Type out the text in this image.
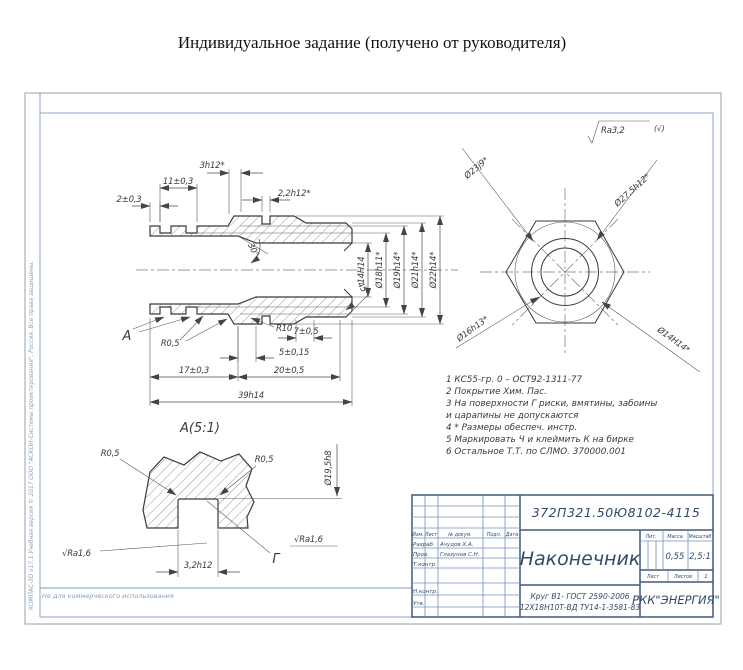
Индивидуальное задание (получено от руководителя)
КОМПАС-3D v17.1 Учебная версия © 2017 ООО "АСКОН-Системы проектирования", Россия. Все права защищены. Не для коммерческого использования
2±0,3
11±0,3
3h12*
2,2h12*
30°
45°
14H14 Ø18h11* Ø19h14* Ø21h14* Ø22h14*
А	R0,5
R10 7±0,5
5±0,15
17±0,3	20±0,5
39h14
Ø23j9*
Ø27,5h12*
Ø16h13*	Ø14H14*
Ra3,2	(√)
1 КС55-гр. 0 – ОСТ92-1311-77
2 Покрытие Хим. Пас.
3 На поверхности Г риски, вмятины, забоины
и царапины не допускаются
4 * Размеры обеспеч. инстр.
5 Маркировать Ч и клеймить К на бирке
6 Остальное Т.Т. по СЛМО. 370000.001
А(5:1)
R0,5
R0,5	Ø19,5h8
√Ra1,6
√Ra1,6
Г
3,2h12
372П321.50Ю8102-4115
Наконечник
Круг В1- ГОСТ 2590-2006
12Х18Н10Т-ВД ТУ14-1-3581-83
РКК"ЭНЕРГИЯ"
Изм. Лист № докум.	Подп. Дата
Разраб. Ачудов Х.А.
Пров. Глазунов С.Н.
Т.контр.
Н.контр.
Утв.
Лит. Масса Масштаб
0,55 2,5:1
Лист	Листов 1
